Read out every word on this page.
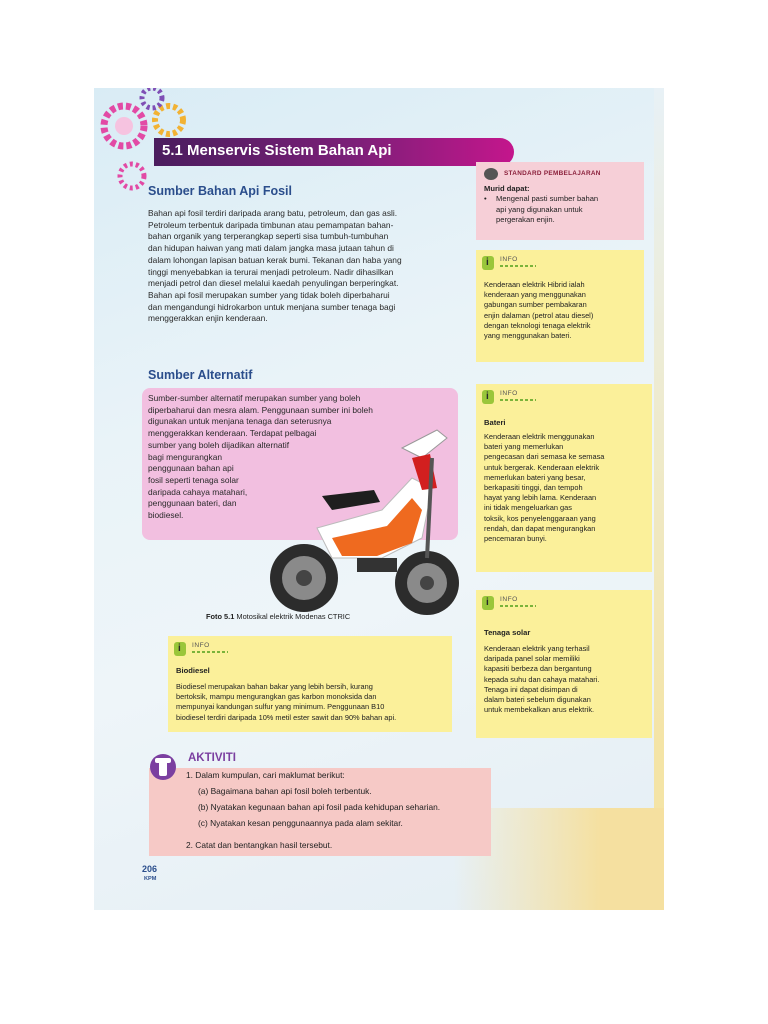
5.1 Menservis Sistem Bahan Api
Sumber Bahan Api Fosil
Bahan api fosil terdiri daripada arang batu, petroleum, dan gas asli.
Petroleum terbentuk daripada timbunan atau pemampatan bahan-
bahan organik yang terperangkap seperti sisa tumbuh-tumbuhan
dan hidupan haiwan yang mati dalam jangka masa jutaan tahun di
dalam lohongan lapisan batuan kerak bumi. Tekanan dan haba yang
tinggi menyebabkan ia terurai menjadi petroleum. Nadir dihasilkan
menjadi petrol dan diesel melalui kaedah penyulingan berperingkat.
Bahan api fosil merupakan sumber yang tidak boleh diperbaharui
dan mengandungi hidrokarbon untuk menjana sumber tenaga bagi
menggerakkan enjin kenderaan.
Sumber Alternatif
Sumber-sumber alternatif merupakan sumber yang boleh
diperbaharui dan mesra alam. Penggunaan sumber ini boleh
digunakan untuk menjana tenaga dan seterusnya
menggerakkan kenderaan. Terdapat pelbagai
sumber yang boleh dijadikan alternatif
bagi mengurangkan
penggunaan bahan api
fosil seperti tenaga solar
daripada cahaya matahari,
penggunaan bateri, dan
biodiesel.
Foto 5.1 Motosikal elektrik Modenas CTRIC
STANDARD PEMBELAJARAN
Murid dapat:
• Mengenal pasti sumber bahan
api yang digunakan untuk
pergerakan enjin.
i INFO
Kenderaan elektrik Hibrid ialah
kenderaan yang menggunakan
gabungan sumber pembakaran
enjin dalaman (petrol atau diesel)
dengan teknologi tenaga elektrik
yang menggunakan bateri.
i INFO
Bateri
Kenderaan elektrik menggunakan
bateri yang memerlukan
pengecasan dari semasa ke semasa
untuk bergerak. Kenderaan elektrik
memerlukan bateri yang besar,
berkapasiti tinggi, dan tempoh
hayat yang lebih lama. Kenderaan
ini tidak mengeluarkan gas
toksik, kos penyelenggaraan yang
rendah, dan dapat mengurangkan
pencemaran bunyi.
i INFO
Tenaga solar
Kenderaan elektrik yang terhasil
daripada panel solar memiliki
kapasiti berbeza dan bergantung
kepada suhu dan cahaya matahari.
Tenaga ini dapat disimpan di
dalam bateri sebelum digunakan
untuk membekalkan arus elektrik.
i INFO
Biodiesel
Biodiesel merupakan bahan bakar yang lebih bersih, kurang
bertoksik, mampu mengurangkan gas karbon monoksida dan
mempunyai kandungan sulfur yang minimum. Penggunaan B10
biodiesel terdiri daripada 10% metil ester sawit dan 90% bahan api.
AKTIVITI
1. Dalam kumpulan, cari maklumat berikut:
(a) Bagaimana bahan api fosil boleh terbentuk.
(b) Nyatakan kegunaan bahan api fosil pada kehidupan seharian.
(c) Nyatakan kesan penggunaannya pada alam sekitar.
2. Catat dan bentangkan hasil tersebut.
206
KPM
